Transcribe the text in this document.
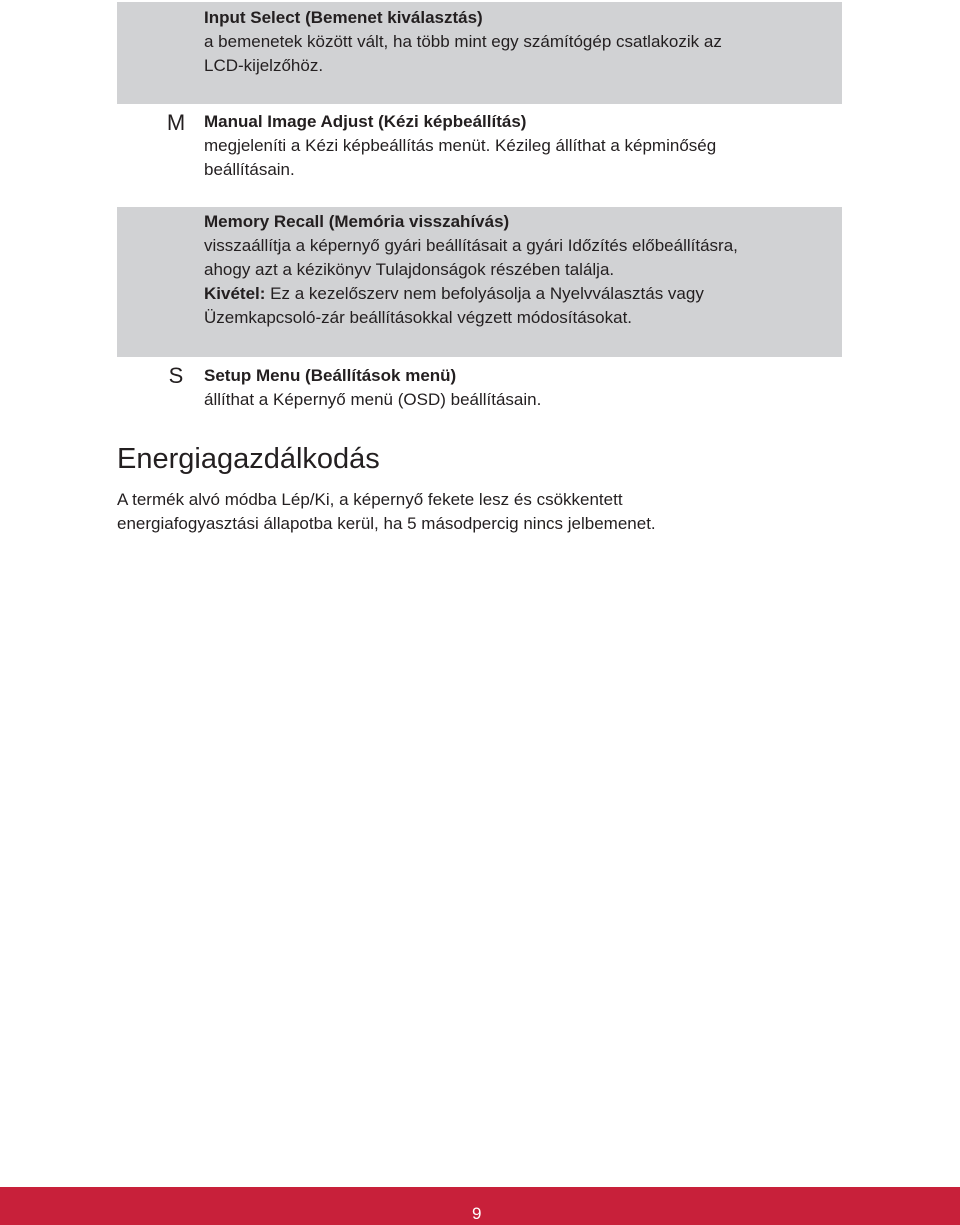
Input Select (Bemenet kiválasztás)
a bemenetek között vált, ha több mint egy számítógép csatlakozik az
LCD-kijelzőhöz.
M Manual Image Adjust (Kézi képbeállítás)
megjeleníti a Kézi képbeállítás menüt. Kézileg állíthat a képminőség
beállításain.
Memory Recall (Memória visszahívás)
visszaállítja a képernyő gyári beállításait a gyári Időzítés előbeállításra,
ahogy azt a kézikönyv Tulajdonságok részében találja.
Kivétel: Ez a kezelőszerv nem befolyásolja a Nyelvválasztás vagy
Üzemkapcsoló-zár beállításokkal végzett módosításokat.
S Setup Menu (Beállítások menü)
állíthat a Képernyő menü (OSD) beállításain.
Energiagazdálkodás
A termék alvó módba Lép/Ki, a képernyő fekete lesz és csökkentett
energiafogyasztási állapotba kerül, ha 5 másodpercig nincs jelbemenet.
9
